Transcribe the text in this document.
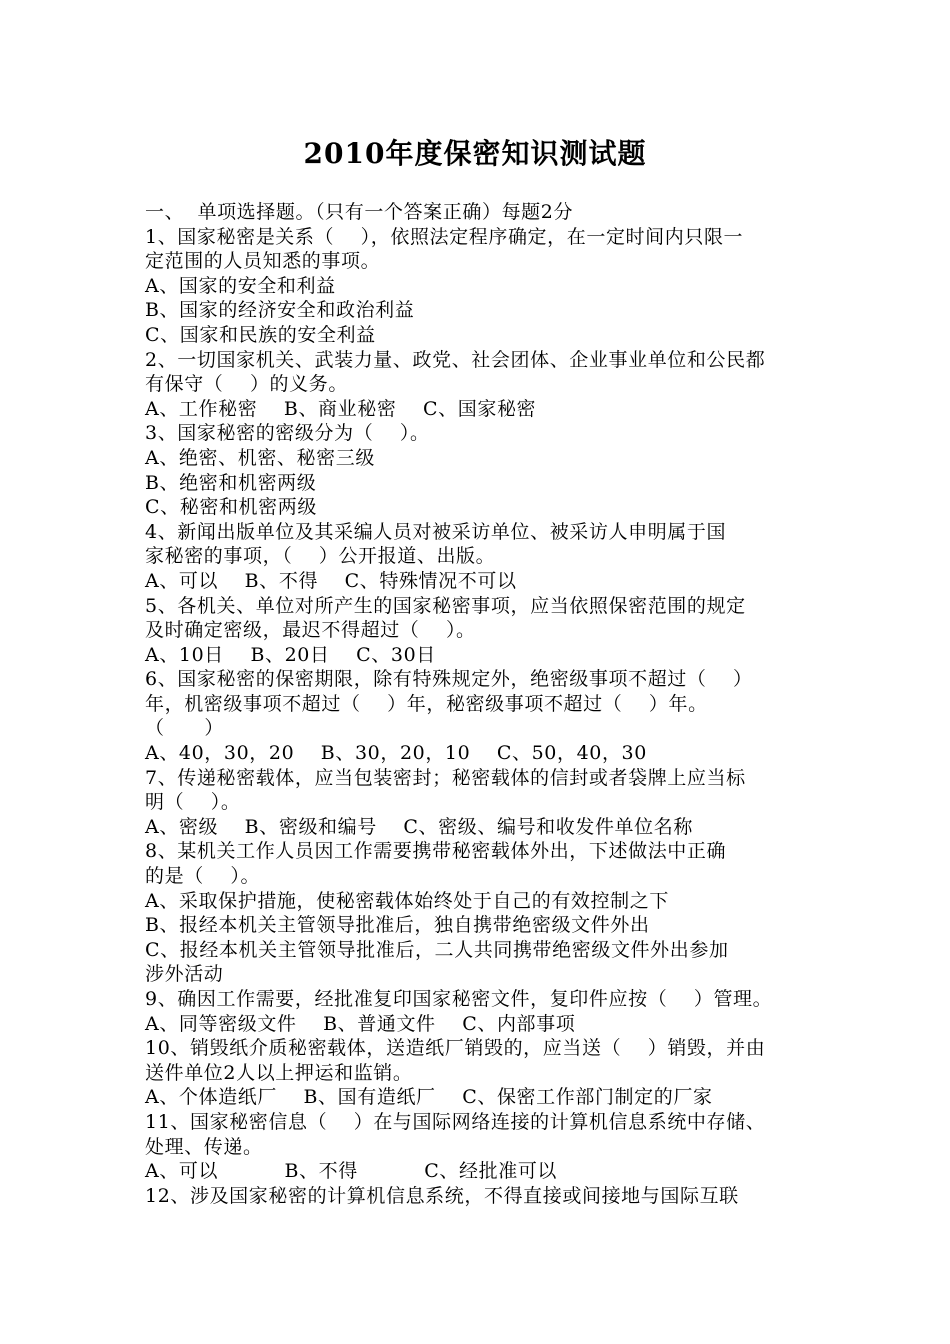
2010年度保密知识测试题
一、  单项选择题。（只有一个答案正确）每题2分
1、国家秘密是关系（    ），依照法定程序确定，在一定时间内只限一
定范围的人员知悉的事项。
A、国家的安全和利益
B、国家的经济安全和政治利益
C、国家和民族的安全利益
2、一切国家机关、武装力量、政党、社会团体、企业事业单位和公民都
有保守（    ）的义务。
A、工作秘密    B、商业秘密    C、国家秘密
3、国家秘密的密级分为（    ）。
A、绝密、机密、秘密三级
B、绝密和机密两级
C、秘密和机密两级
4、新闻出版单位及其采编人员对被采访单位、被采访人申明属于国
家秘密的事项，（    ）公开报道、出版。
A、可以    B、不得    C、特殊情况不可以
5、各机关、单位对所产生的国家秘密事项，应当依照保密范围的规定
及时确定密级，最迟不得超过（    ）。
A、10日    B、20日    C、30日
6、国家秘密的保密期限，除有特殊规定外，绝密级事项不超过（    ）
年，机密级事项不超过（    ）年，秘密级事项不超过（    ）年。
（      ）
A、40，30，20    B、30，20，10    C、50，40，30
7、传递秘密载体，应当包装密封；秘密载体的信封或者袋牌上应当标
明（    ）。
A、密级    B、密级和编号    C、密级、编号和收发件单位名称
8、某机关工作人员因工作需要携带秘密载体外出，下述做法中正确
的是（    ）。
A、采取保护措施，使秘密载体始终处于自己的有效控制之下
B、报经本机关主管领导批准后，独自携带绝密级文件外出
C、报经本机关主管领导批准后，二人共同携带绝密级文件外出参加
涉外活动
9、确因工作需要，经批准复印国家秘密文件，复印件应按（    ）管理。
A、同等密级文件    B、普通文件    C、内部事项
10、销毁纸介质秘密载体，送造纸厂销毁的，应当送（    ）销毁，并由
送件单位2人以上押运和监销。
A、个体造纸厂    B、国有造纸厂    C、保密工作部门制定的厂家
11、国家秘密信息（    ）在与国际网络连接的计算机信息系统中存储、
处理、传递。
A、可以          B、不得          C、经批准可以
12、涉及国家秘密的计算机信息系统，不得直接或间接地与国际互联
